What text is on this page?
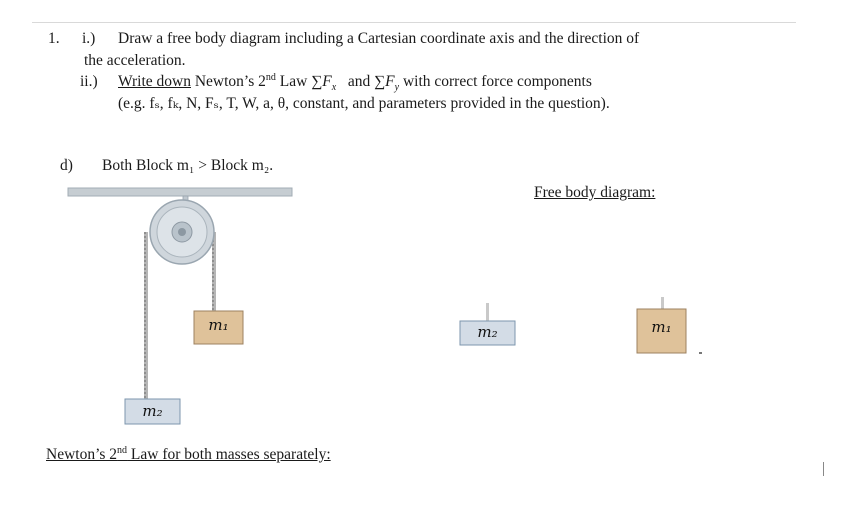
1. i.) Draw a free body diagram including a Cartesian coordinate axis and the direction of
the acceleration.
ii.) Write down Newton’s 2nd Law $\sum F_x$ and $\sum F_y$ with correct force components
(e.g. fₛ, fₖ, N, Fₛ, T, W, a, θ, constant, and parameters provided in the question).
d) Both Block m₁ > Block m₂.
Free body diagram:
m₁
m₂
m₂	m₁
Newton’s 2nd Law for both masses separately:
